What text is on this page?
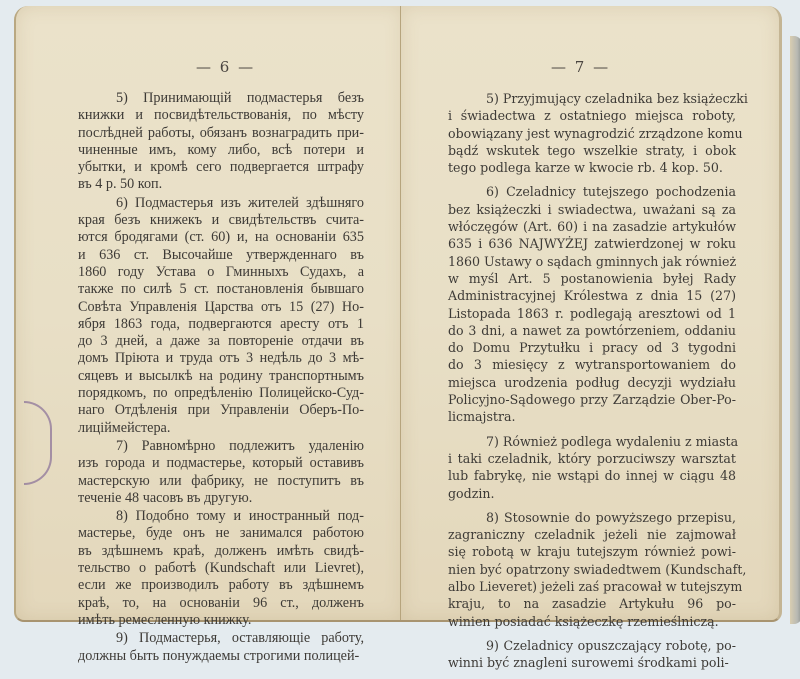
— 6 —
5) Принимающій подмастерья безъ
книжки и посвидѣтельствованія, по мѣсту
послѣдней работы, обязанъ вознаградить при-
чиненные имъ, кому либо, всѣ потери и
убытки, и кромѣ сего подвергается штрафу
въ 4 р. 50 коп.
6) Подмастерья изъ жителей здѣшняго
края безъ книжекъ и свидѣтельствъ счита-
ются бродягами (ст. 60) и, на основаніи 635
и 636 ст. Высочайше утвержденнаго въ
1860 году Устава о Гминныхъ Судахъ, а
также по силѣ 5 ст. постановленія бывшаго
Совѣта Управленія Царства отъ 15 (27) Но-
ября 1863 года, подвергаются аресту отъ 1
до 3 дней, а даже за повтореніе отдачи въ
домъ Пріюта и труда отъ 3 недѣль до 3 мѣ-
сяцевъ и высылкѣ на родину транспортнымъ
порядкомъ, по опредѣленію Полицейско-Суд-
наго Отдѣленія при Управленіи Оберъ-По-
лиціймейстера.
7) Равномѣрно подлежитъ удаленію
изъ города и подмастерье, который оставивъ
мастерскую или фабрику, не поступитъ въ
теченіе 48 часовъ въ другую.
8) Подобно тому и иностранный под-
мастерье, буде онъ не занимался работою
въ здѣшнемъ краѣ, долженъ имѣть свидѣ-
тельство о работѣ (Kundschaft или Lievret),
если же производилъ работу въ здѣшнемъ
краѣ, то, на основаніи 96 ст., долженъ
имѣть ремесленную книжку.
9) Подмастерья, оставляющіе работу,
должны быть понуждаемы строгими полицей-
— 7 —
5) Przyjmujący czeladnika bez książeczki
i świadectwa z ostatniego miejsca roboty,
obowiązany jest wynagrodzić zrządzone komu
bądź wskutek tego wszelkie straty, i obok
tego podlega karze w kwocie rb. 4 kop. 50.
6) Czeladnicy tutejszego pochodzenia
bez książeczki i swiadectwa, uważani są za
włóczęgów (Art. 60) i na zasadzie artykułów
635 i 636 NAJWYŻEJ zatwierdzonej w roku
1860 Ustawy o sądach gminnych jak również
w myśl Art. 5 postanowienia byłej Rady
Administracyjnej Królestwa z dnia 15 (27)
Listopada 1863 r. podlegają aresztowi od 1
do 3 dni, a nawet za powtórzeniem, oddaniu
do Domu Przytułku i pracy od 3 tygodni
do 3 miesięcy z wytransportowaniem do
miejsca urodzenia podług decyzji wydziału
Policyjno-Sądowego przy Zarządzie Ober-Po-
licmajstra.
7) Również podlega wydaleniu z miasta
i taki czeladnik, który porzuciwszy warsztat
lub fabrykę, nie wstąpi do innej w ciągu 48
godzin.
8) Stosownie do powyższego przepisu,
zagraniczny czeladnik jeżeli nie zajmował
się robotą w kraju tutejszym również powi-
nien być opatrzony swiadedtwem (Kundschaft,
albo Lieveret) jeżeli zaś pracował w tutejszym
kraju, to na zasadzie Artykułu 96 po-
winien posiadać książeczkę rzemieślniczą.
9) Czeladnicy opuszczający robotę, po-
winni być znagleni surowemi środkami poli-
